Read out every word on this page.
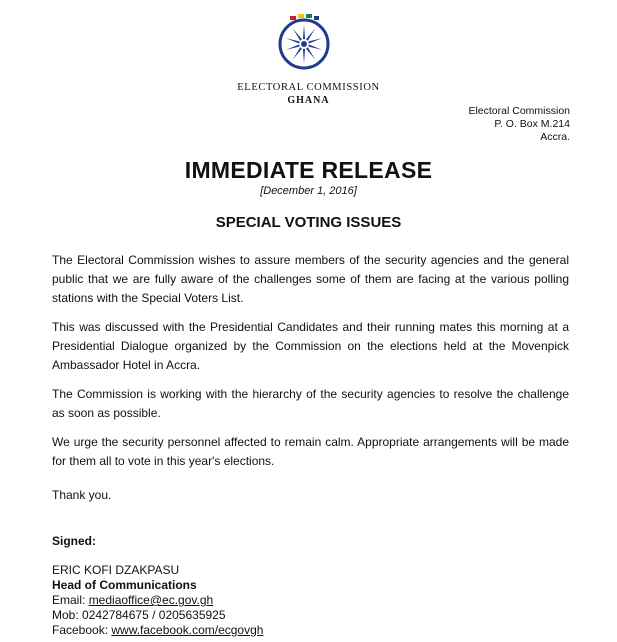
ELECTORAL COMMISSION
GHANA
Electoral Commission
P. O. Box M.214
Accra.
IMMEDIATE RELEASE
[December 1, 2016]
SPECIAL VOTING ISSUES

The Electoral Commission wishes to assure members of the security agencies and the general public that we are fully aware of the challenges some of them are facing at the various polling stations with the Special Voters List.

This was discussed with the Presidential Candidates and their running mates this morning at a Presidential Dialogue organized by the Commission on the elections held at the Movenpick Ambassador Hotel in Accra.

The Commission is working with the hierarchy of the security agencies to resolve the challenge as soon as possible.

We urge the security personnel affected to remain calm. Appropriate arrangements will be made for them all to vote in this year's elections.

Thank you.
Signed:
ERIC KOFI DZAKPASU
Head of Communications
Email: mediaoffice@ec.gov.gh
Mob: 0242784675 / 0205635925
Facebook: www.facebook.com/ecgovgh
